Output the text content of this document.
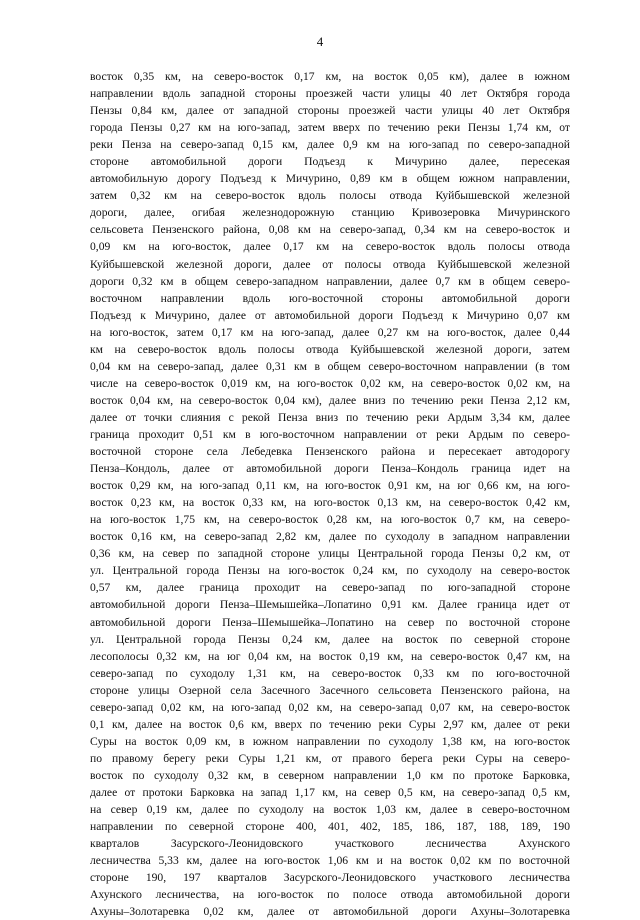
4
восток 0,35 км, на северо-восток 0,17 км, на восток 0,05 км), далее в южном
направлении вдоль западной стороны проезжей части улицы 40 лет Октября города
Пензы 0,84 км, далее от западной стороны проезжей части улицы 40 лет Октября
города Пензы 0,27 км на юго-запад, затем вверх по течению реки Пензы 1,74 км, от
реки Пенза на северо-запад 0,15 км, далее 0,9 км на юго-запад по северо-западной
стороне автомобильной дороги Подъезд к Мичурино далее, пересекая
автомобильную дорогу Подъезд к Мичурино, 0,89 км в общем южном направлении,
затем 0,32 км на северо-восток вдоль полосы отвода Куйбышевской железной
дороги, далее, огибая железнодорожную станцию Кривозеровка Мичуринского
сельсовета Пензенского района, 0,08 км на северо-запад, 0,34 км на северо-восток и
0,09 км на юго-восток, далее 0,17 км на северо-восток вдоль полосы отвода
Куйбышевской железной дороги, далее от полосы отвода Куйбышевской железной
дороги 0,32 км в общем северо-западном направлении, далее 0,7 км в общем северо-
восточном направлении вдоль юго-восточной стороны автомобильной дороги
Подъезд к Мичурино, далее от автомобильной дороги Подъезд к Мичурино 0,07 км
на юго-восток, затем 0,17 км на юго-запад, далее 0,27 км на юго-восток, далее 0,44
км на северо-восток вдоль полосы отвода Куйбышевской железной дороги, затем
0,04 км на северо-запад, далее 0,31 км в общем северо-восточном направлении (в том
числе на северо-восток 0,019 км, на юго-восток 0,02 км, на северо-восток 0,02 км, на
восток 0,04 км, на северо-восток 0,04 км), далее вниз по течению реки Пенза 2,12 км,
далее от точки слияния с рекой Пенза вниз по течению реки Ардым 3,34 км, далее
граница проходит 0,51 км в юго-восточном направлении от реки Ардым по северо-
восточной стороне села Лебедевка Пензенского района и пересекает автодорогу
Пенза–Кондоль, далее от автомобильной дороги Пенза–Кондоль граница идет на
восток 0,29 км, на юго-запад 0,11 км, на юго-восток 0,91 км, на юг 0,66 км, на юго-
восток 0,23 км, на восток 0,33 км, на юго-восток 0,13 км, на северо-восток 0,42 км,
на юго-восток 1,75 км, на северо-восток 0,28 км, на юго-восток 0,7 км, на северо-
восток 0,16 км, на северо-запад 2,82 км, далее по суходолу в западном направлении
0,36 км, на север по западной стороне улицы Центральной города Пензы 0,2 км, от
ул. Центральной города Пензы на юго-восток 0,24 км, по суходолу на северо-восток
0,57 км, далее граница проходит на северо-запад по юго-западной стороне
автомобильной дороги Пенза–Шемышейка–Лопатино 0,91 км. Далее граница идет от
автомобильной дороги Пенза–Шемышейка–Лопатино на север по восточной стороне
ул. Центральной города Пензы 0,24 км, далее на восток по северной стороне
лесополосы 0,32 км, на юг 0,04 км, на восток 0,19 км, на северо-восток 0,47 км, на
северо-запад по суходолу 1,31 км, на северо-восток 0,33 км по юго-восточной
стороне улицы Озерной села Засечного Засечного сельсовета Пензенского района, на
северо-запад 0,02 км, на юго-запад 0,02 км, на северо-запад 0,07 км, на северо-восток
0,1 км, далее на восток 0,6 км, вверх по течению реки Суры 2,97 км, далее от реки
Суры на восток 0,09 км, в южном направлении по суходолу 1,38 км, на юго-восток
по правому берегу реки Суры 1,21 км, от правого берега реки Суры на северо-
восток по суходолу 0,32 км, в северном направлении 1,0 км по протоке Барковка,
далее от протоки Барковка на запад 1,17 км, на север 0,5 км, на северо-запад 0,5 км,
на север 0,19 км, далее по суходолу на восток 1,03 км, далее в северо-восточном
направлении по северной стороне 400, 401, 402, 185, 186, 187, 188, 189, 190
кварталов Засурского-Леонидовского участкового лесничества Ахунского
лесничества 5,33 км, далее на юго-восток 1,06 км и на восток 0,02 км по восточной
стороне 190, 197 кварталов Засурского-Леонидовского участкового лесничества
Ахунского лесничества, на юго-восток по полосе отвода автомобильной дороги
Ахуны–Золотаревка 0,02 км, далее от автомобильной дороги Ахуны–Золотаревка
